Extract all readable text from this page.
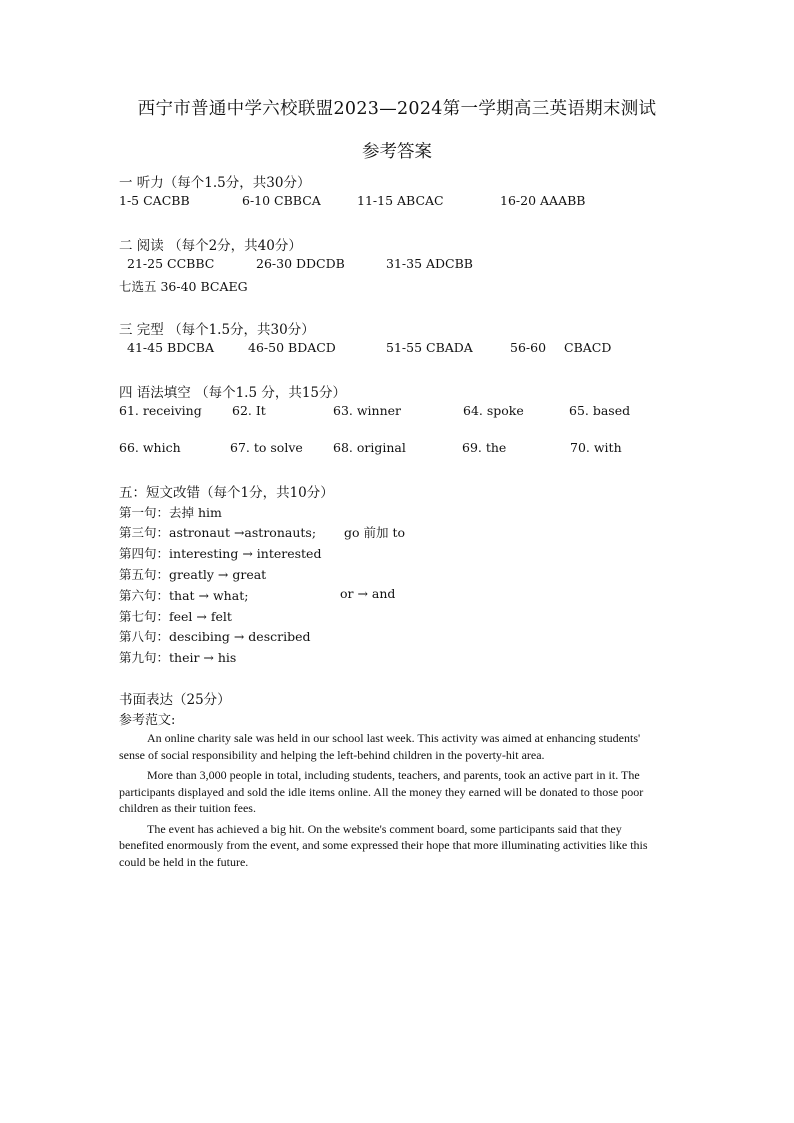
西宁市普通中学六校联盟2023—2024第一学期高三英语期末测试
参考答案
一 听力（每个1.5分，共30分）
1-5 CACBB	6-10 CBBCA	11-15 ABCAC	16-20 AAABB
二 阅读 （每个2分，共40分）
21-25 CCBBC	26-30 DDCDB	31-35 ADCBB
七选五 36-40 BCAEG
三 完型 （每个1.5分，共30分）
41-45 BDCBA	46-50 BDACD	51-55 CBADA	56-60 CBACD
四 语法填空 （每个1.5 分，共15分）
61. receiving 62. It	63. winner	64. spoke	65. based
66. which	67. to solve 68. original	69. the	70. with
五：短文改错（每个1分，共10分）
第一句：去掉 him
第三句：astronaut →astronauts; go 前加 to
第四句：interesting → interested
第五句：greatly → great
第六句：that → what;	or → and
第七句：feel → felt
第八句：descibing → described
第九句：their → his
书面表达（25分）
参考范文:

An online charity sale was held in our school last week. This activity was aimed at enhancing students' sense of social responsibility and helping the left-behind children in the poverty-hit area.

More than 3,000 people in total, including students, teachers, and parents, took an active part in it. The participants displayed and sold the idle items online. All the money they earned will be donated to those poor children as their tuition fees.

The event has achieved a big hit. On the website's comment board, some participants said that they benefited enormously from the event, and some expressed their hope that more illuminating activities like this could be held in the future.
